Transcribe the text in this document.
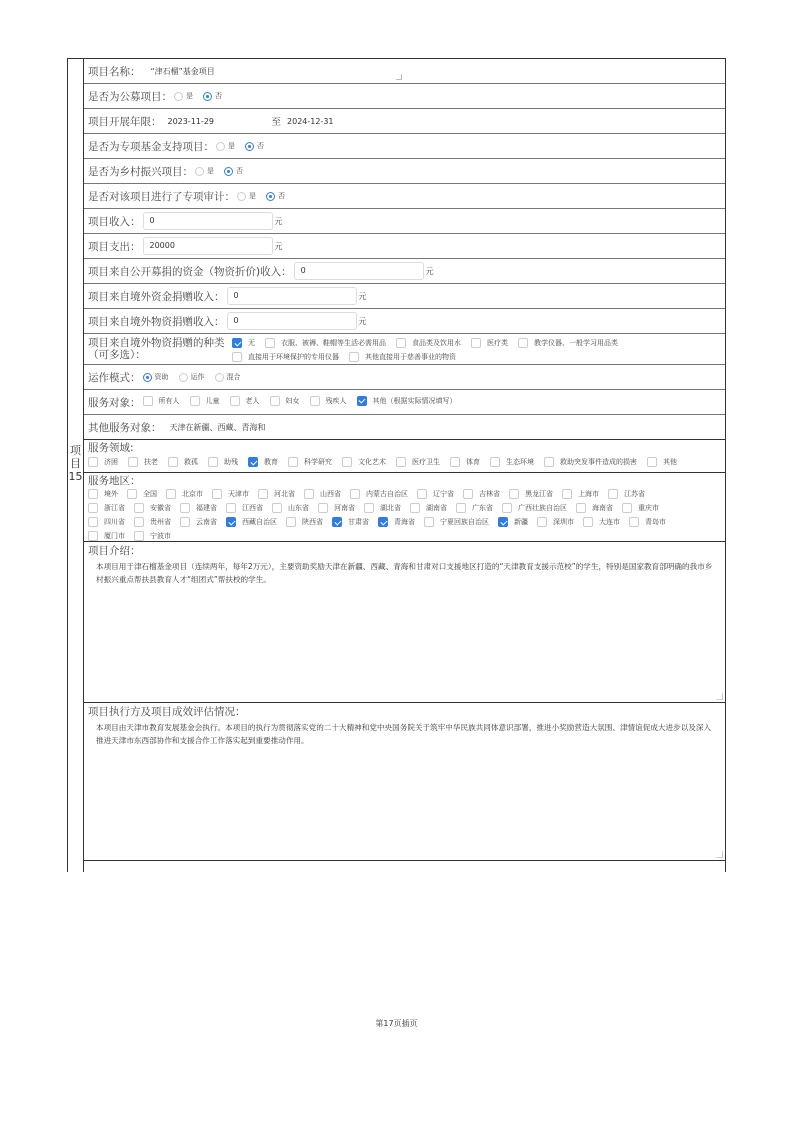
项
目
15
项目名称： “津石榴”基金项目
是否为公募项目： 是	否
项目开展年限： 2023-11-29	至 2024-12-31
是否为专项基金支持项目： 是	否
是否为乡村振兴项目： 是	否
是否对该项目进行了专项审计： 是	否
项目收入：	0	元
项目支出：	20000	元
项目来自公开募捐的资金（物资折价)收入：	0	元
项目来自境外资金捐赠收入：	0	元
项目来自境外物资捐赠收入：	0	元
项目来自境外物资捐赠的种类
（可多选）：
无	衣服、被褥、鞋帽等生活必需用品	食品类及饮用水	医疗类	教学仪器、一般学习用品类
直接用于环境保护的专用仪器	其他直接用于慈善事业的物资
运作模式： 资助	运作	混合
服务对象：	所有人	儿童	老人	妇女	残疾人	其他（根据实际情况填写）
其他服务对象： 天津在新疆、西藏、青海和
服务领域:
济困	扶老	救孤	助残	教育	科学研究	文化艺术	医疗卫生	体育	生态环境	救助突发事件造成的损害	其他
服务地区：
境外	全国	北京市	天津市	河北省	山西省	内蒙古自治区	辽宁省	吉林省	黑龙江省	上海市	江苏省
浙江省	安徽省	福建省	江西省	山东省	河南省	湖北省	湖南省	广东省	广西壮族自治区	海南省	重庆市
四川省	贵州省	云南省	西藏自治区	陕西省	甘肃省	青海省	宁夏回族自治区	新疆	深圳市	大连市	青岛市
厦门市	宁波市
项目介绍：
本项目用于津石榴基金项目（连续两年，每年2万元），主要资助奖励天津在新疆、西藏、青海和甘肃对口支援地区打造的“天津教育支援示范校”的学生，特别是国家教育部明确的我市乡村振兴重点帮扶县教育人才“组团式”帮扶校的学生。
项目执行方及项目成效评估情况：
本项目由天津市教育发展基金会执行。本项目的执行为贯彻落实党的二十大精神和党中央国务院关于筑牢中华民族共同体意识部署，推进小奖励营造大氛围、津情谊促成大进步以及深入推进天津市东西部协作和支援合作工作落实起到重要推动作用。
第17页插页
